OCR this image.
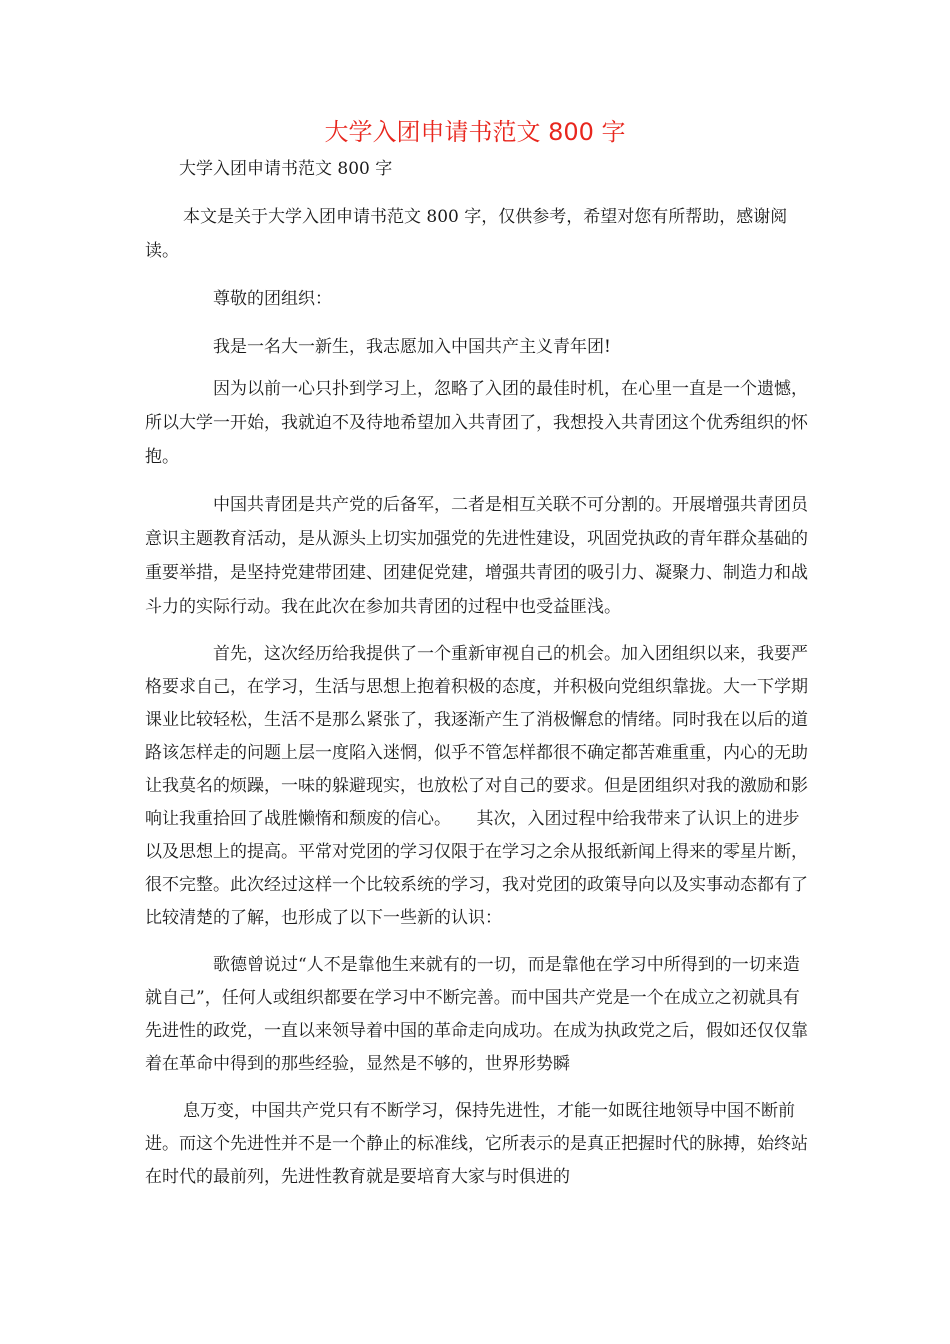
大学入团申请书范文 800 字

大学入团申请书范文 800 字

本文是关于大学入团申请书范文 800 字，仅供参考，希望对您有所帮助，感谢阅读。

尊敬的团组织：

我是一名大一新生，我志愿加入中国共产主义青年团!

因为以前一心只扑到学习上，忽略了入团的最佳时机，在心里一直是一个遗憾，所以大学一开始，我就迫不及待地希望加入共青团了，我想投入共青团这个优秀组织的怀抱。

中国共青团是共产党的后备军，二者是相互关联不可分割的。开展增强共青团员意识主题教育活动，是从源头上切实加强党的先进性建设，巩固党执政的青年群众基础的重要举措，是坚持党建带团建、团建促党建，增强共青团的吸引力、凝聚力、制造力和战斗力的实际行动。我在此次在参加共青团的过程中也受益匪浅。

首先，这次经历给我提供了一个重新审视自己的机会。加入团组织以来，我要严格要求自己，在学习，生活与思想上抱着积极的态度，并积极向党组织靠拢。大一下学期课业比较轻松，生活不是那么紧张了，我逐渐产生了消极懈怠的情绪。同时我在以后的道路该怎样走的问题上层一度陷入迷惘，似乎不管怎样都很不确定都苦难重重，内心的无助让我莫名的烦躁，一味的躲避现实，也放松了对自己的要求。但是团组织对我的激励和影响让我重拾回了战胜懒惰和颓废的信心。　　其次，入团过程中给我带来了认识上的进步以及思想上的提高。平常对党团的学习仅限于在学习之余从报纸新闻上得来的零星片断，很不完整。此次经过这样一个比较系统的学习，我对党团的政策导向以及实事动态都有了比较清楚的了解，也形成了以下一些新的认识：

歌德曾说过“人不是靠他生来就有的一切，而是靠他在学习中所得到的一切来造就自己”，任何人或组织都要在学习中不断完善。而中国共产党是一个在成立之初就具有先进性的政党，一直以来领导着中国的革命走向成功。在成为执政党之后，假如还仅仅靠着在革命中得到的那些经验，显然是不够的，世界形势瞬

息万变，中国共产党只有不断学习，保持先进性，才能一如既往地领导中国不断前进。而这个先进性并不是一个静止的标准线，它所表示的是真正把握时代的脉搏，始终站在时代的最前列，先进性教育就是要培育大家与时俱进的
